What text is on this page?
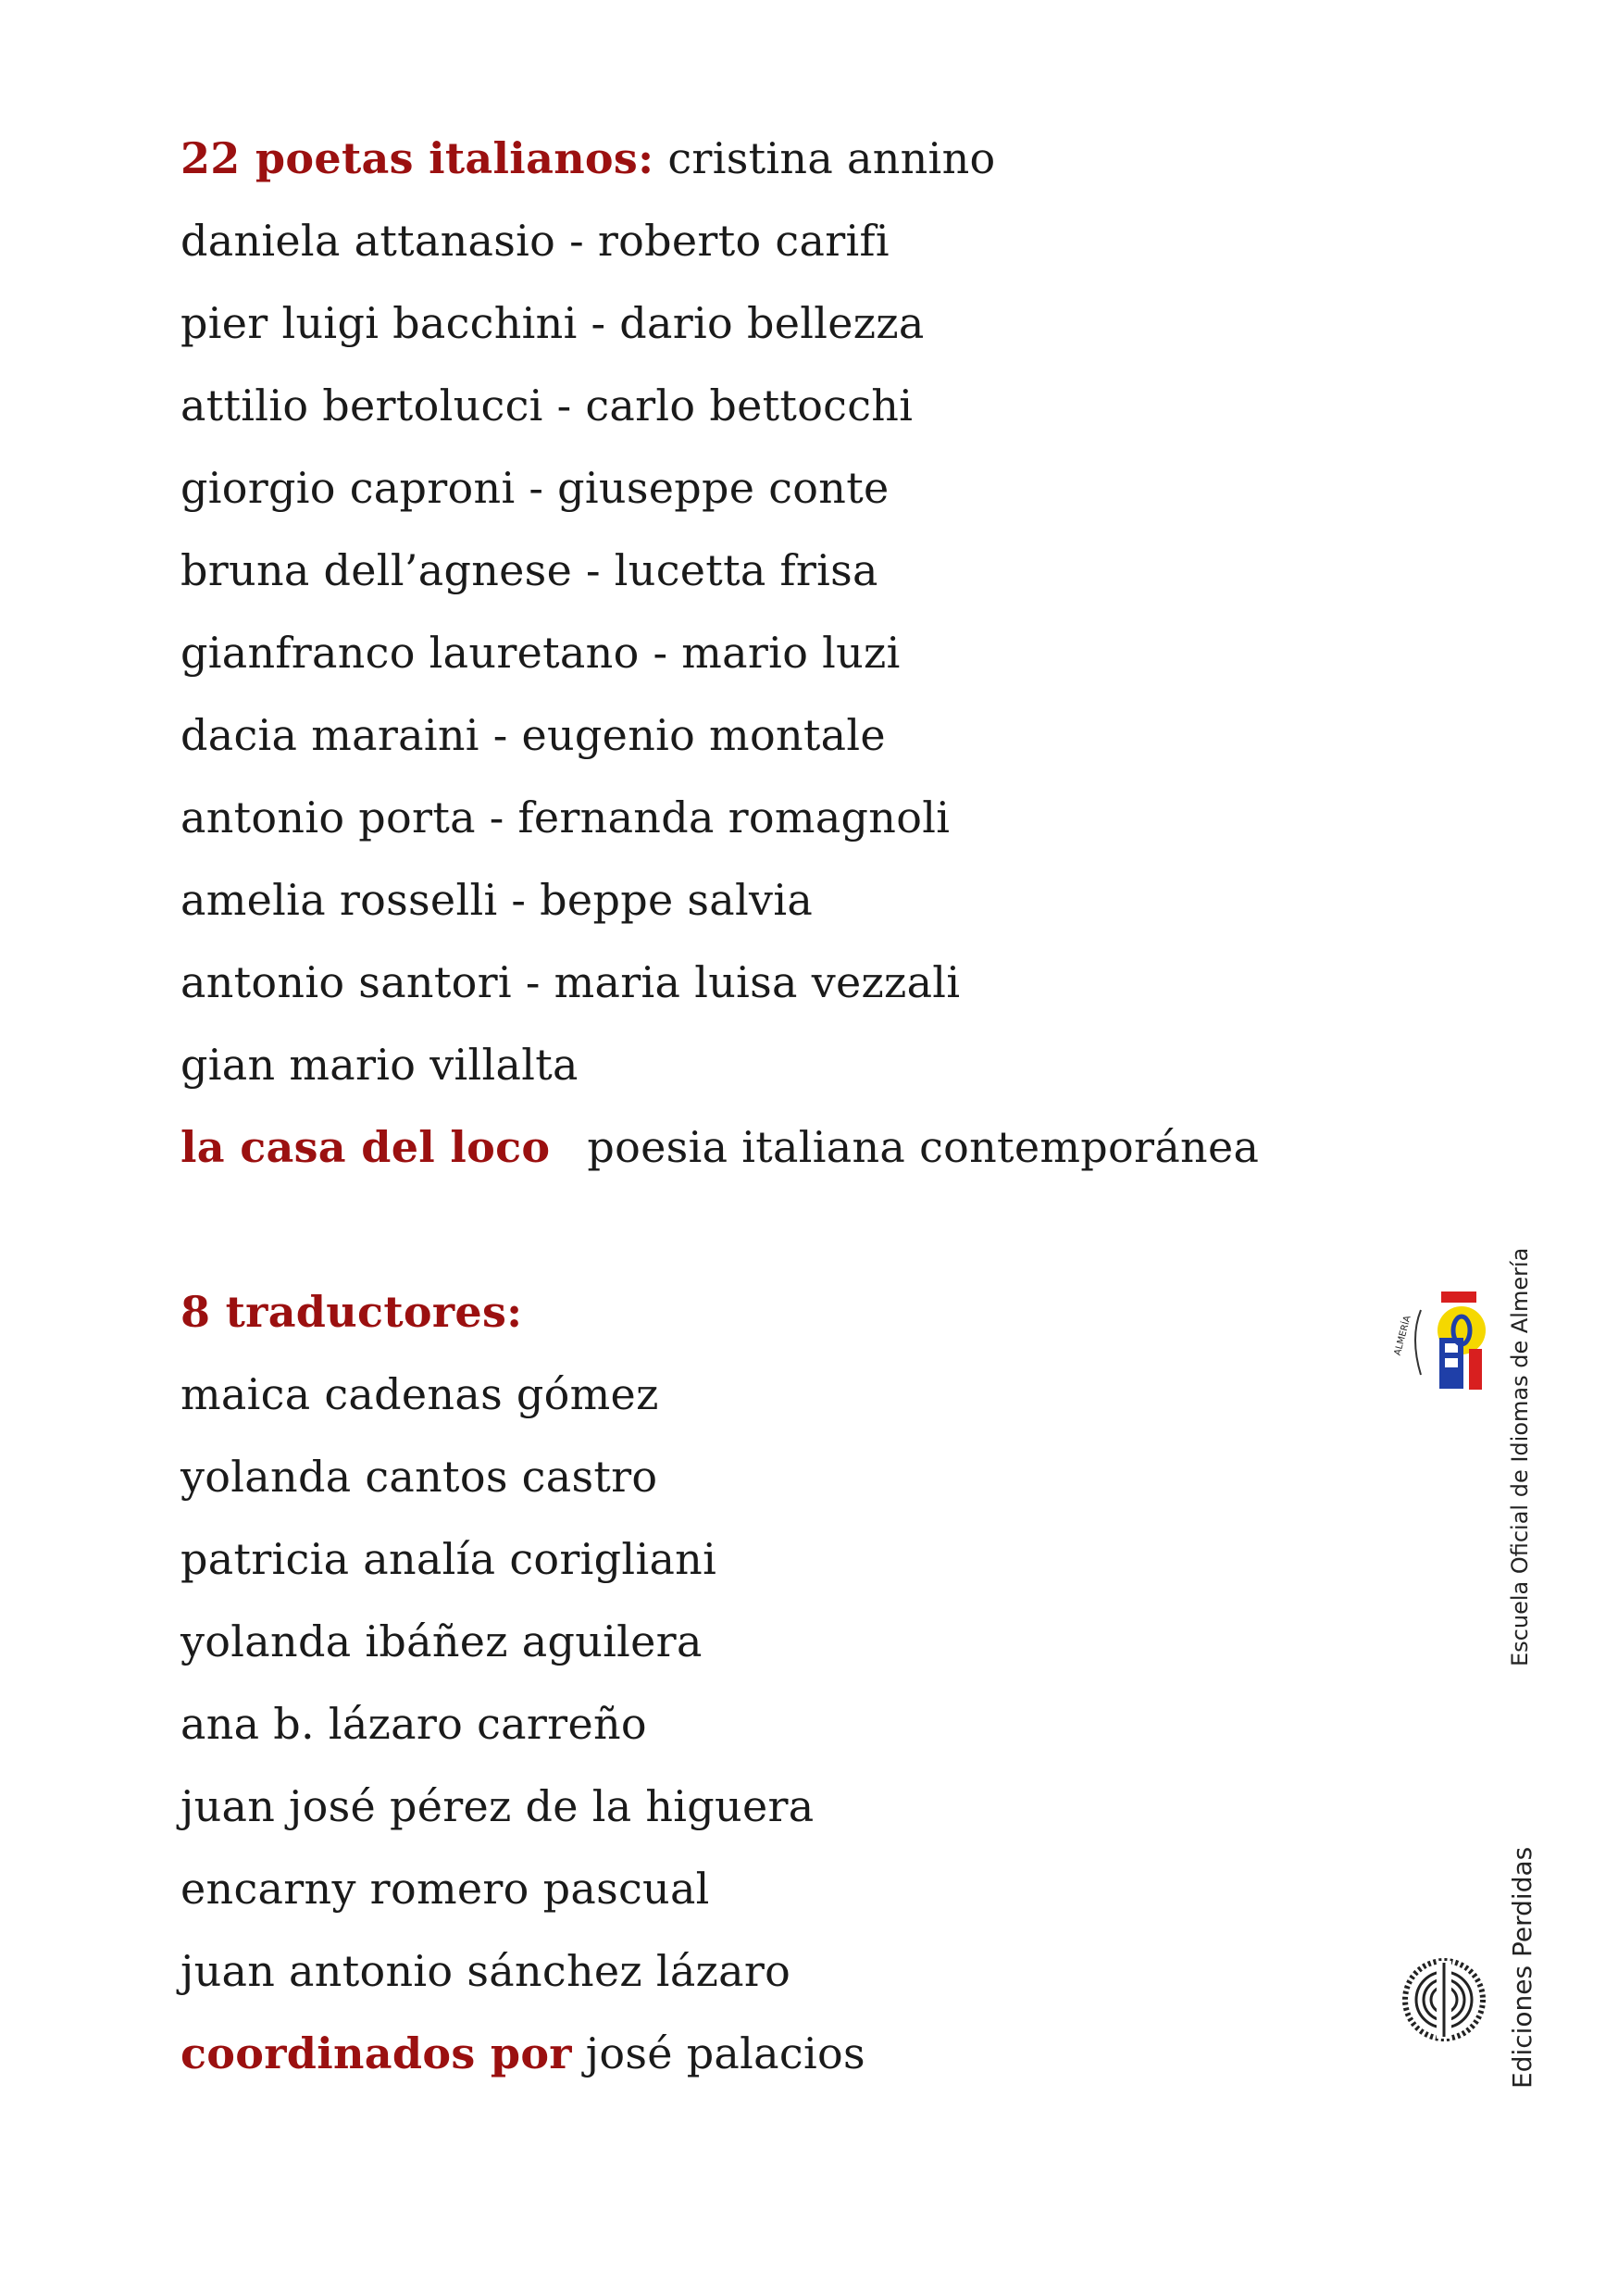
22 poetas italianos: cristina annino
daniela attanasio - roberto carifi
pier luigi bacchini - dario bellezza
attilio bertolucci - carlo bettocchi
giorgio caproni - giuseppe conte
bruna dell’agnese - lucetta frisa
gianfranco lauretano - mario luzi
dacia maraini - eugenio montale
antonio porta - fernanda romagnoli
amelia rosselli - beppe salvia
antonio santori - maria luisa vezzali
gian mario villalta
la casa del loco poesia italiana contemporánea
8 traductores:
maica cadenas gómez
yolanda cantos castro
patricia analía corigliani
yolanda ibáñez aguilera
ana b. lázaro carreño
juan josé pérez de la higuera
encarny romero pascual
juan antonio sánchez lázaro
coordinados por josé palacios
ALMERÍA	Escuela Oficial de Idiomas de Almería
Ediciones Perdidas
